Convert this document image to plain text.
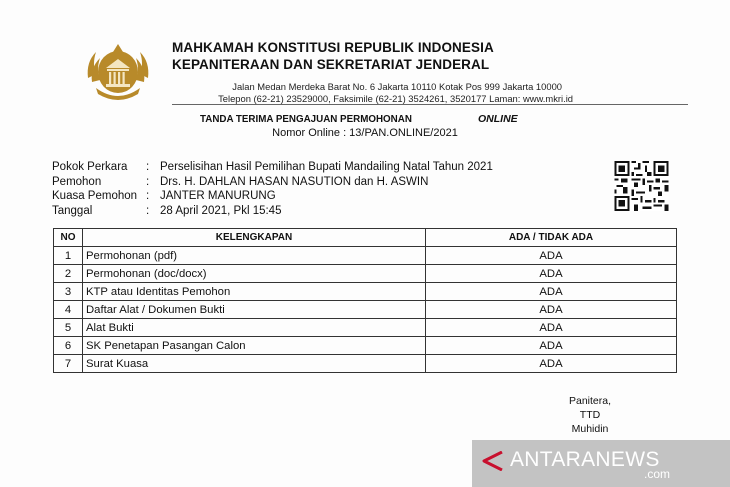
MAHKAMAH KONSTITUSI REPUBLIK INDONESIA
KEPANITERAAN DAN SEKRETARIAT JENDERAL
Jalan Medan Merdeka Barat No. 6 Jakarta 10110 Kotak Pos 999 Jakarta 10000
Telepon (62-21) 23529000, Faksimile (62-21) 3524261, 3520177 Laman: www.mkri.id
TANDA TERIMA PENGAJUAN PERMOHONAN	ONLINE
Nomor Online : 13/PAN.ONLINE/2021
Pokok Perkara	: Perselisihan Hasil Pemilihan Bupati Mandailing Natal Tahun 2021
Pemohon	: Drs. H. DAHLAN HASAN NASUTION dan H. ASWIN
Kuasa Pemohon : JANTER MANURUNG
Tanggal	: 28 April 2021, Pkl 15:45
NO	KELENGKAPAN	ADA / TIDAK ADA
1	Permohonan (pdf)	ADA
2	Permohonan (doc/docx)	ADA
3	KTP atau Identitas Pemohon	ADA
4	Daftar Alat / Dokumen Bukti	ADA
5	Alat Bukti	ADA
6	SK Penetapan Pasangan Calon	ADA
7	Surat Kuasa	ADA
Panitera,
TTD
Muhidin
ANTARANEWS
.com
